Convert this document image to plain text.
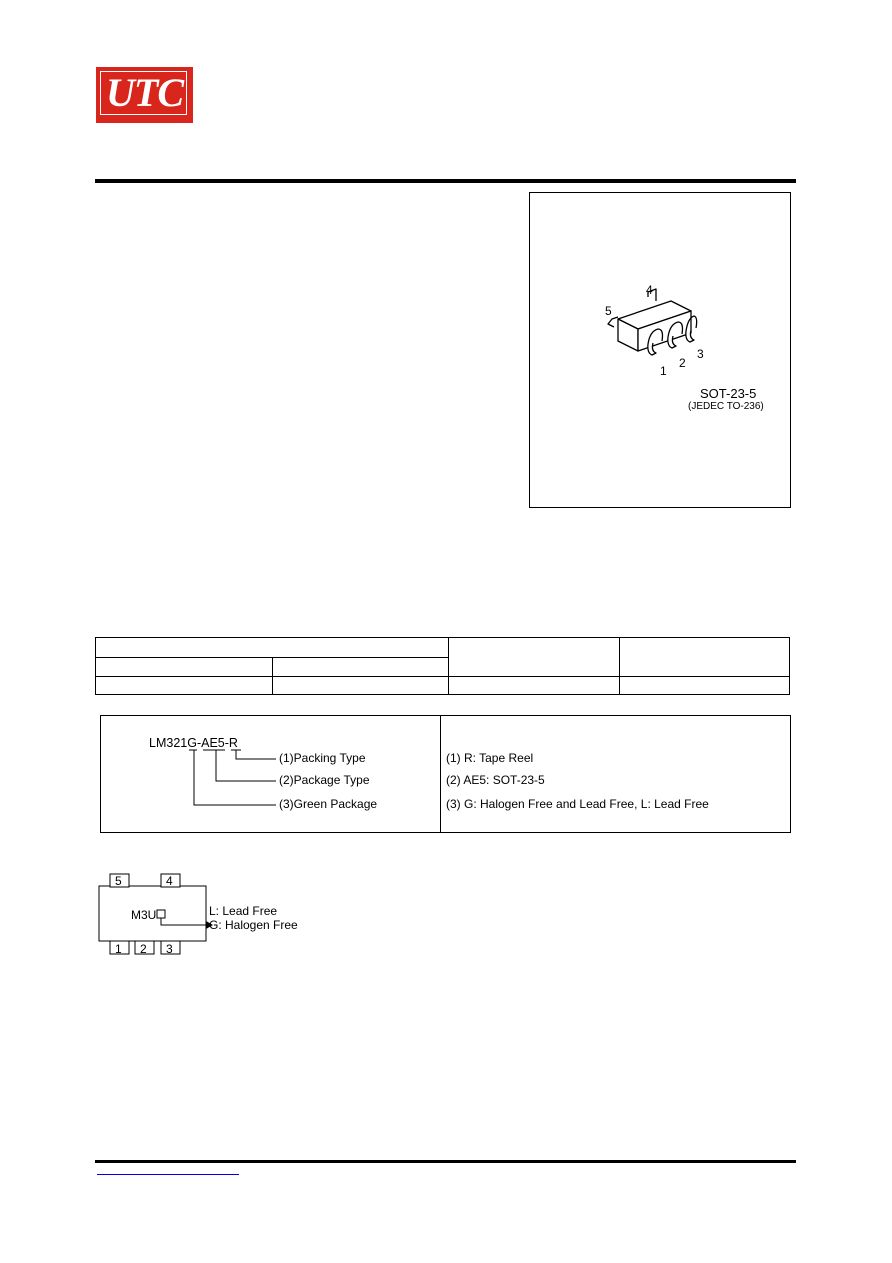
UTC
4
5
1
2
3
SOT-23-5
(JEDEC TO-236)
LM321G-AE5-R
(1)Packing Type
(2)Package Type
(3)Green Package
(1) R: Tape Reel
(2) AE5: SOT-23-5
(3) G: Halogen Free and Lead Free, L: Lead Free
5	4
1 2 3
M3U	L: Lead Free
G: Halogen Free
